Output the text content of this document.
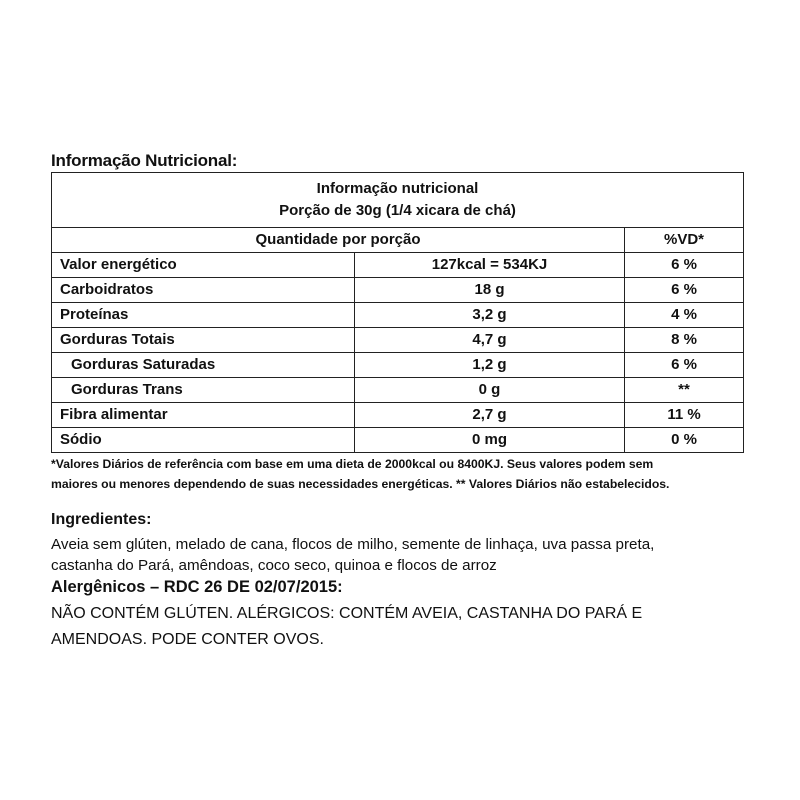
Informação Nutricional:
Informação nutricional
Porção de 30g (1/4 xicara de chá)		

Quantidade por porção		%VD*
Valor energético	127kcal = 534KJ	6 %
Carboidratos	18 g	6 %
Proteínas	3,2 g	4 %
Gorduras Totais	4,7 g	8 %
Gorduras Saturadas	1,2 g	6 %
Gorduras Trans	0 g	**
Fibra alimentar	2,7 g	11 %
Sódio	0 mg	0 %
*Valores Diários de referência com base em uma dieta de 2000kcal ou 8400KJ. Seus valores podem sem
maiores ou menores dependendo de suas necessidades energéticas. ** Valores Diários não estabelecidos.
Ingredientes:
Aveia sem glúten, melado de cana, flocos de milho, semente de linhaça, uva passa preta,
castanha do Pará, amêndoas, coco seco, quinoa e flocos de arroz
Alergênicos – RDC 26 DE 02/07/2015:
NÃO CONTÉM GLÚTEN. ALÉRGICOS: CONTÉM AVEIA, CASTANHA DO PARÁ E
AMENDOAS. PODE CONTER OVOS.
